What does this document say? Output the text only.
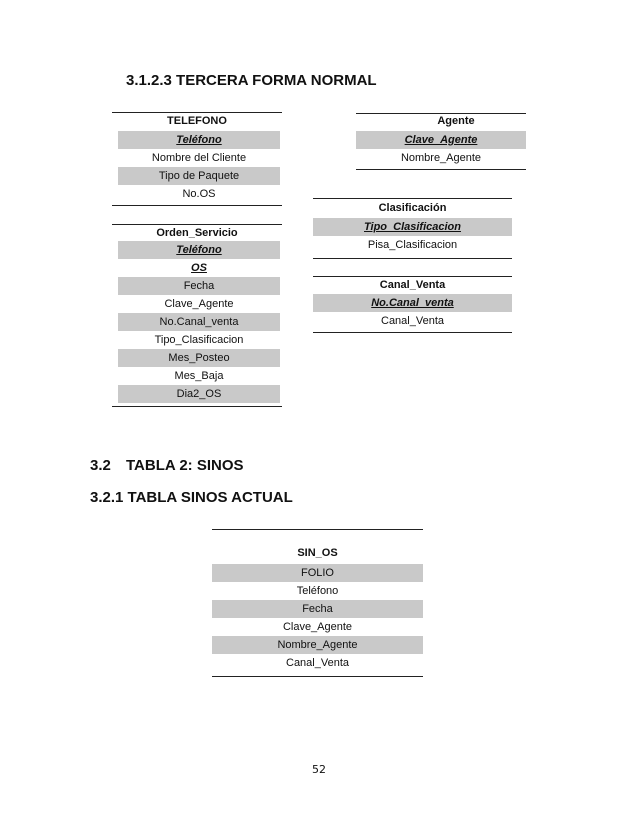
3.1.2.3 TERCERA FORMA NORMAL
TELEFONO
Teléfono
Nombre del Cliente
Tipo de Paquete
No.OS
Agente
Clave_Agente
Nombre_Agente
Clasificación
Tipo_Clasificacion
Pisa_Clasificacion
Orden_Servicio
Teléfono
OS
Fecha
Clave_Agente
No.Canal_venta
Tipo_Clasificacion
Mes_Posteo
Mes_Baja
Dia2_OS
Canal_Venta
No.Canal_venta
Canal_Venta
3.2 TABLA 2: SINOS
3.2.1 TABLA SINOS ACTUAL
SIN_OS
FOLIO
Teléfono
Fecha
Clave_Agente
Nombre_Agente
Canal_Venta
52
